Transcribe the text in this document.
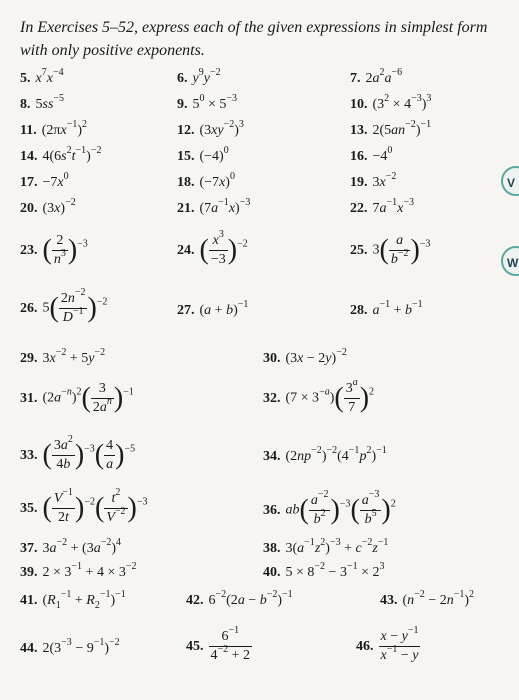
In Exercises 5–52, express each of the given expressions in simplest form with only positive exponents.
5. $x^7x^{-4}$	6. $y^9y^{-2}$	7. $2a^2a^{-6}$
8. $5ss^{-5}$	9. $5^0 \times 5^{-3}$	10. $(3^2 \times 4^{-3})^3$
11. $(2\pi x^{-1})^2$	12. $(3xy^{-2})^3$	13. $2(5an^{-2})^{-1}$
14. $4(6s^2t^{-1})^{-2}$	15. $(-4)^0$	16. $-4^0$
17. $-7x^0$	18. $(-7x)^0$	19. $3x^{-2}$
20. $(3x)^{-2}$	21. $(7a^{-1}x)^{-3}$	22. $7a^{-1}x^{-3}$
23. ( $\frac{2}{n^3} )^{-3}$	24. ( $\frac{x^3}{-3} )^{-2}$	25. $3( \frac{a}{b^{-2}} )^{-3}$
26. $5( \frac{2n^{-2}}{D^{-1}} )^{-2}$
27. $(a + b)^{-1}$	28. $a^{-1} + b^{-1}$
29. $3x^{-2} + 5y^{-2}$	30. $(3x - 2y)^{-2}$
31. $(2a^{-n})^2( \frac{3}{2a^n} )^{-1}$	32. $(7 \times 3^{-a})( \frac{3^a}{7} )^2$
33. ( $\frac{3a^2}{4b} )^{-3}( \frac{4}{a} )^{-5}$	34. $(2np^{-2})^{-2}(4^{-1}p^2)^{-1}$
35. ( $\frac{V^{-1}}{2t} )^{-2}( \frac{t^2}{V^{-2}} )^{-3}$
36. $ab( \frac{a^{-2}}{b^2} )^{-3}( \frac{a^{-3}}{b^5} )^2$
37. $3a^{-2} + (3a^{-2})^4$	38. $3(a^{-1}z^2)^{-3} + c^{-2}z^{-1}$
39. $2 \times 3^{-1} + 4 \times 3^{-2}$	40. $5 \times 8^{-2} - 3^{-1} \times 2^3$
41. $(R_1^{-1} + R_2^{-1})^{-1}$	42. $6^{-2}(2a - b^{-2})^{-1}$	43. $(n^{-2} - 2n^{-1})^2$
44. $2(3^{-3} - 9^{-1})^{-2}$	45. $\frac{6^{-1}}{4^{-2} + 2}$	46. $\frac{x - y^{-1}}{x^{-1} - y}$
V
W
